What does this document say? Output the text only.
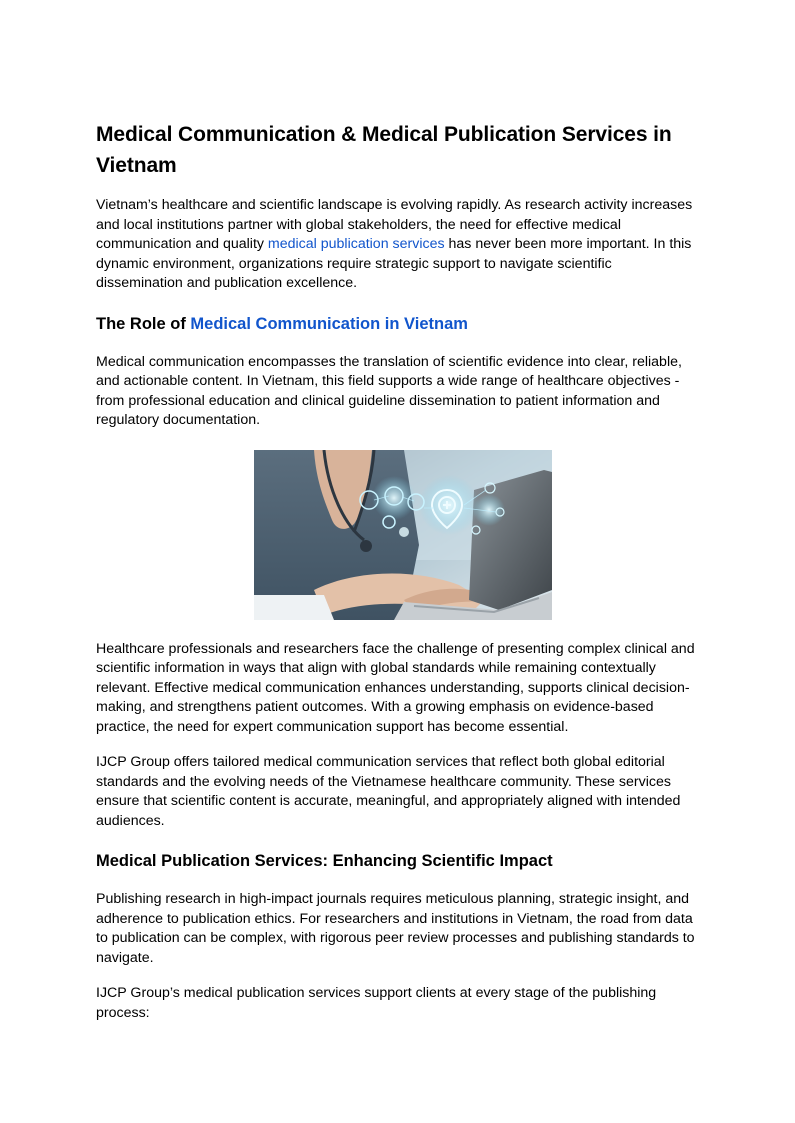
Medical Communication & Medical Publication Services in Vietnam

Vietnam’s healthcare and scientific landscape is evolving rapidly. As research activity increases and local institutions partner with global stakeholders, the need for effective medical communication and quality medical publication services has never been more important. In this dynamic environment, organizations require strategic support to navigate scientific dissemination and publication excellence.

The Role of Medical Communication in Vietnam

Medical communication encompasses the translation of scientific evidence into clear, reliable, and actionable content. In Vietnam, this field supports a wide range of healthcare objectives - from professional education and clinical guideline dissemination to patient information and regulatory documentation.

Healthcare professionals and researchers face the challenge of presenting complex clinical and scientific information in ways that align with global standards while remaining contextually relevant. Effective medical communication enhances understanding, supports clinical decision-making, and strengthens patient outcomes. With a growing emphasis on evidence-based practice, the need for expert communication support has become essential.

IJCP Group offers tailored medical communication services that reflect both global editorial standards and the evolving needs of the Vietnamese healthcare community. These services ensure that scientific content is accurate, meaningful, and appropriately aligned with intended audiences.

Medical Publication Services: Enhancing Scientific Impact

Publishing research in high-impact journals requires meticulous planning, strategic insight, and adherence to publication ethics. For researchers and institutions in Vietnam, the road from data to publication can be complex, with rigorous peer review processes and publishing standards to navigate.

IJCP Group’s medical publication services support clients at every stage of the publishing process:
